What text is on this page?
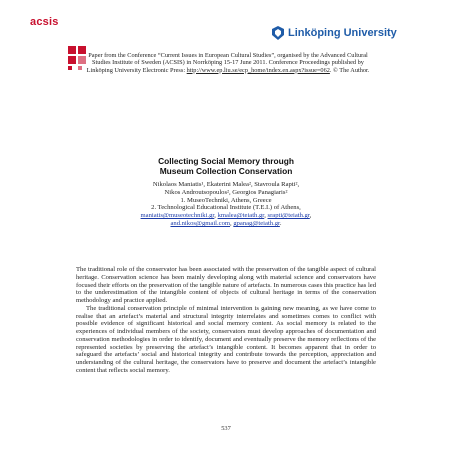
acsis
Linköping University
Paper from the Conference “Current Issues in European Cultural Studies”, organised by the Advanced Cultural
Studies Institute of Sweden (ACSIS) in Norrköping 15-17 June 2011. Conference Proceedings published by
Linköping University Electronic Press: http://www.ep.liu.se/ecp_home/index.en.aspx?issue=062. © The Author.
Collecting Social Memory through
Museum Collection Conservation
Nikolaos Maniatis¹, Ekaterini Malea², Stavroula Rapti²,
Nikos Androutsopoulos², Georgios Panagiaris²
1. MuseoTechniki, Athens, Greece
2. Technological Educational Institute (T.E.I.) of Athens,
maniatis@museotechniki.gr, kmalea@teiath.gr, srapti@teiath.gr,
and.nikos@gmail.com, gpanag@teiath.gr.

The traditional role of the conservator has been associated with the preservation of the tangible aspect of cultural heritage. Conservation science has been mainly developing along with material science and conservators have focused their efforts on the preservation of the tangible nature of artefacts. In numerous cases this practice has led to the underestimation of the intangible content of objects of cultural heritage in terms of the conservation methodology and practice applied.

The traditional conservation principle of minimal intervention is gaining new meaning, as we have come to realise that an artefact’s material and structural integrity interrelates and sometimes comes to conflict with possible evidence of significant historical and social memory content. As social memory is related to the experiences of individual members of the society, conservators must develop approaches of documentation and conservation methodologies in order to identify, document and eventually preserve the memory reflections of the represented societies by preserving the artefact’s intangible content. It becomes apparent that in order to safeguard the artefacts’ social and historical integrity and contribute towards the perception, appreciation and understanding of the cultural heritage, the conservators have to preserve and document the artefact’s intangible content that reflects social memory.

537
